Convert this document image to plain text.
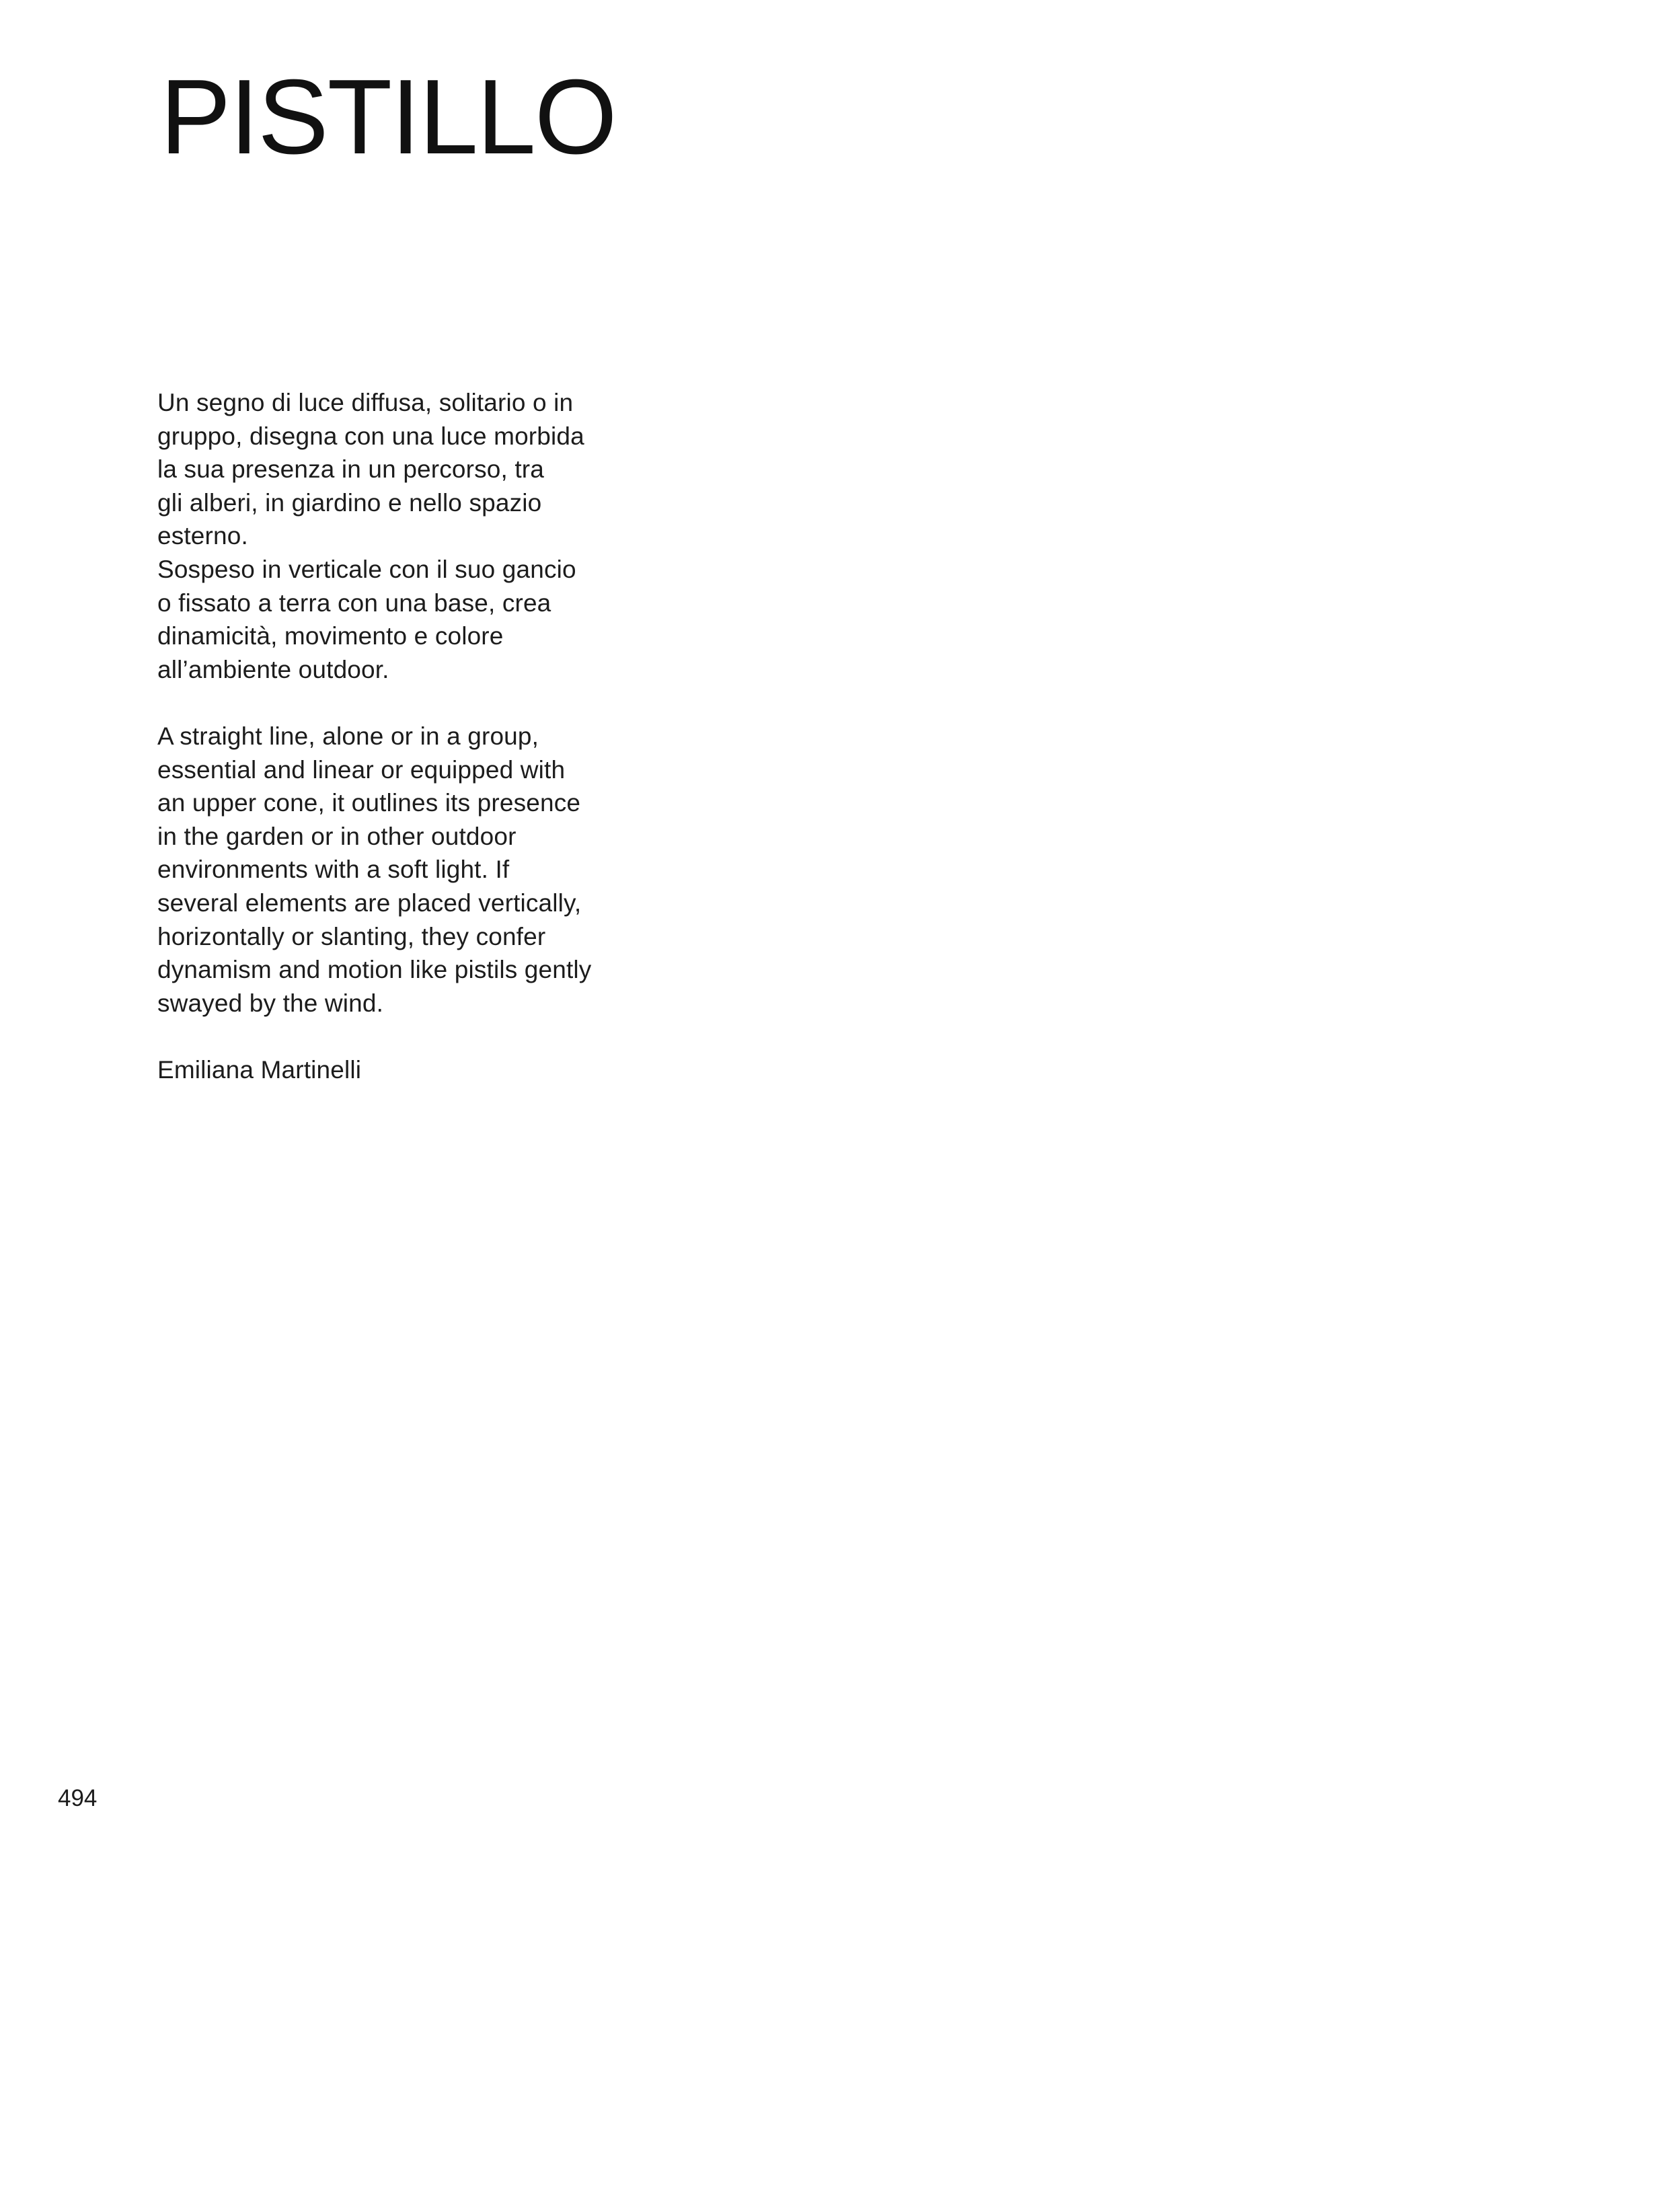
PISTILLO

Un segno di luce diffusa, solitario o in
gruppo, disegna con una luce morbida
la sua presenza in un percorso, tra
gli alberi, in giardino e nello spazio
esterno.
Sospeso in verticale con il suo gancio
o fissato a terra con una base, crea
dinamicità, movimento e colore
all’ambiente outdoor.

A straight line, alone or in a group,
essential and linear or equipped with
an upper cone, it outlines its presence
in the garden or in other outdoor
environments with a soft light. If
several elements are placed vertically,
horizontally or slanting, they confer
dynamism and motion like pistils gently
swayed by the wind.

Emiliana Martinelli

494
